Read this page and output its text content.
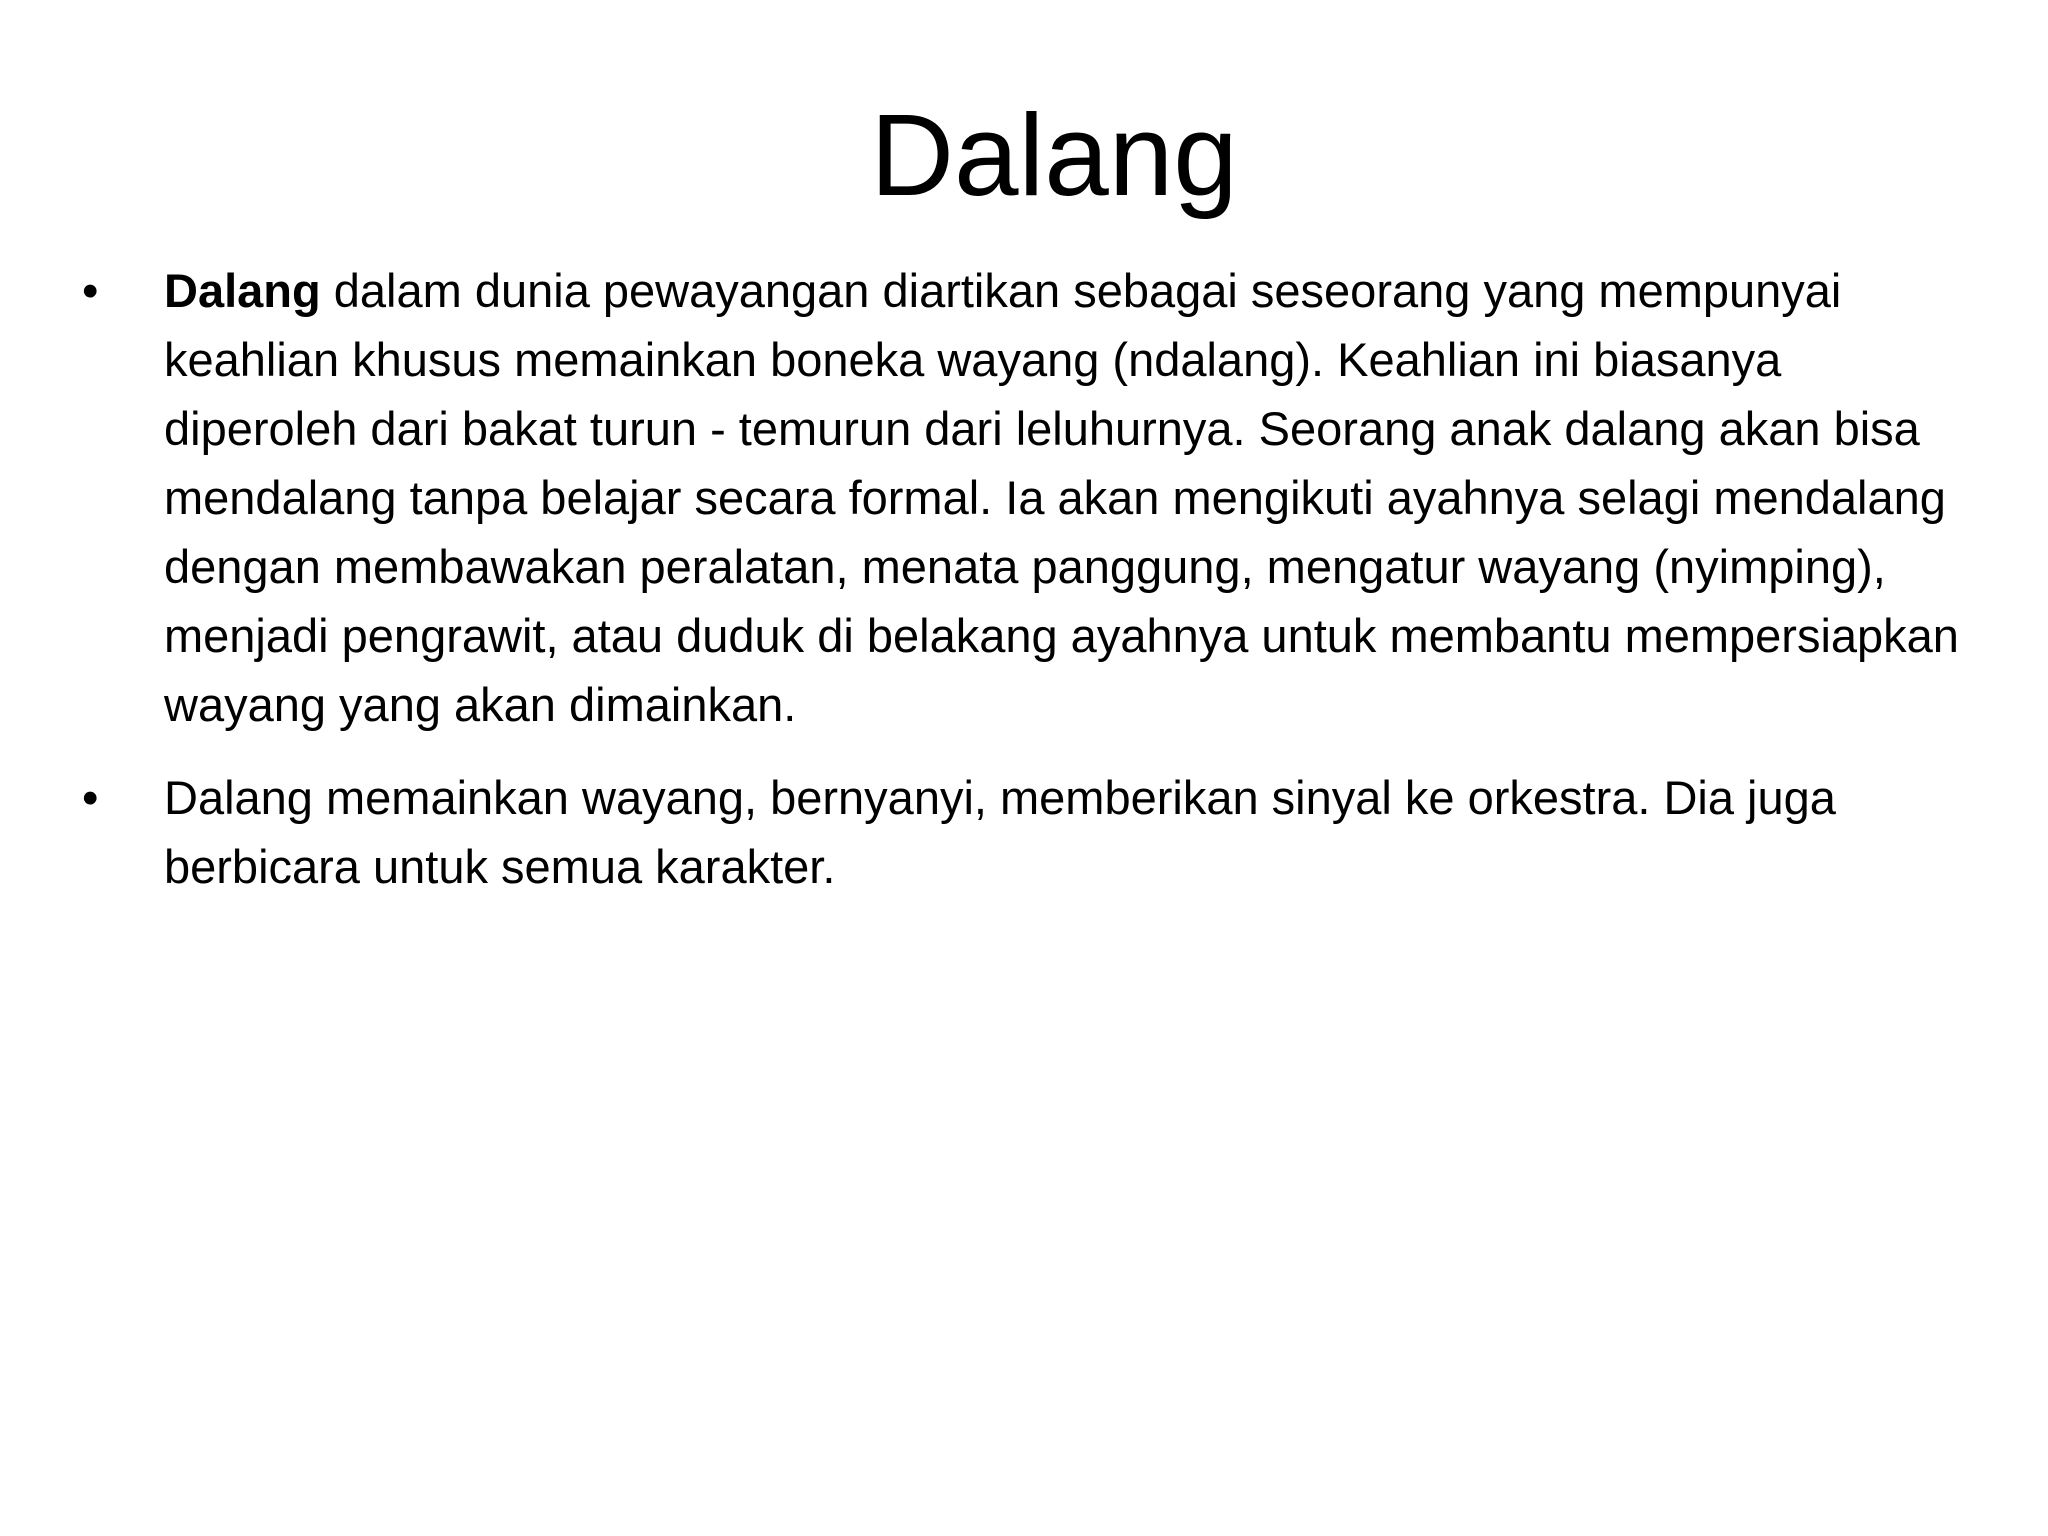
Dalang
•	Dalang dalam dunia pewayangan diartikan sebagai seseorang yang mempunyai keahlian khusus memainkan boneka wayang (ndalang). Keahlian ini biasanya diperoleh dari bakat turun - temurun dari leluhurnya. Seorang anak dalang akan bisa mendalang tanpa belajar secara formal. Ia akan mengikuti ayahnya selagi mendalang dengan membawakan peralatan, menata panggung, mengatur wayang (nyimping), menjadi pengrawit, atau duduk di belakang ayahnya untuk membantu mempersiapkan wayang yang akan dimainkan.
•	Dalang memainkan wayang, bernyanyi, memberikan sinyal ke orkestra. Dia juga berbicara untuk semua karakter.
